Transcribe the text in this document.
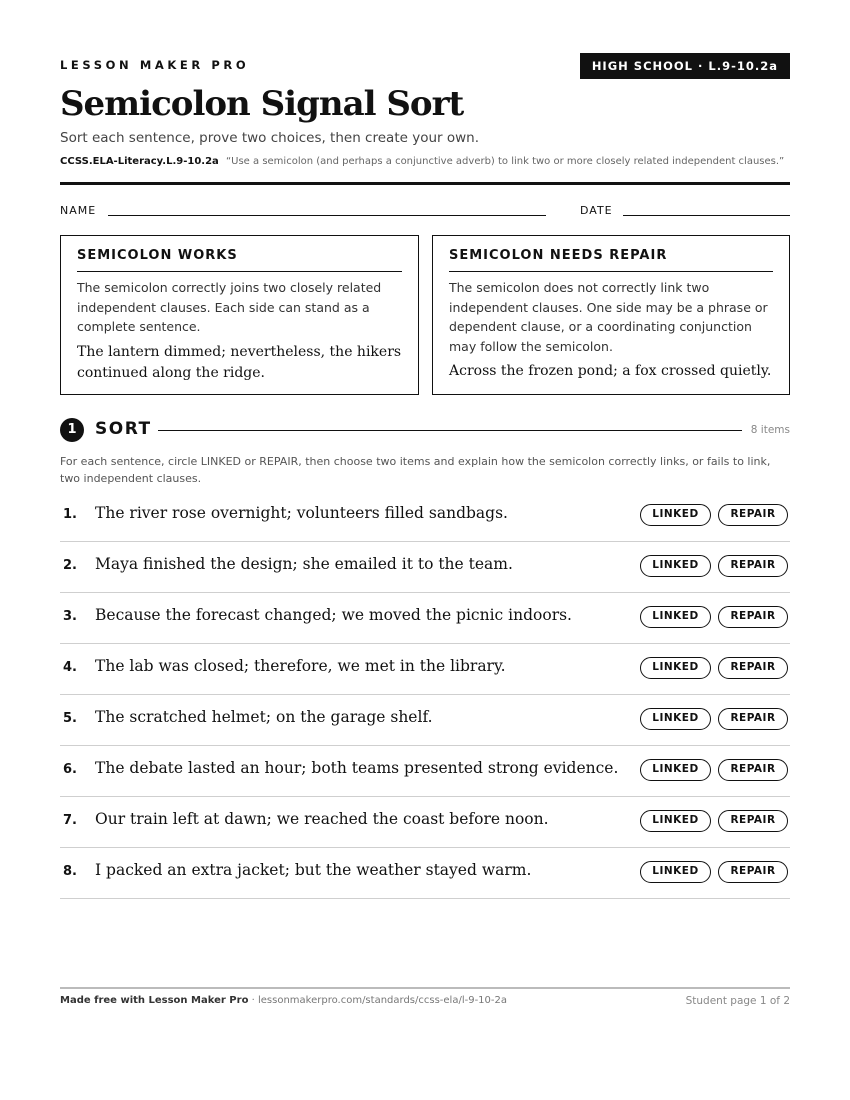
LESSON MAKER PRO	HIGH SCHOOL · L.9-10.2a
Semicolon Signal Sort
Sort each sentence, prove two choices, then create your own.
CCSS.ELA-Literacy.L.9-10.2a “Use a semicolon (and perhaps a conjunctive adverb) to link two or more closely related independent clauses.”
NAME	DATE
SEMICOLON WORKS
The semicolon correctly joins two closely related independent clauses. Each side can stand as a complete sentence.
The lantern dimmed; nevertheless, the hikers continued along the ridge.
SEMICOLON NEEDS REPAIR
The semicolon does not correctly link two independent clauses. One side may be a phrase or dependent clause, or a coordinating conjunction may follow the semicolon.
Across the frozen pond; a fox crossed quietly.
1	SORT	8 items
For each sentence, circle LINKED or REPAIR, then choose two items and explain how the semicolon correctly links, or fails to link, two independent clauses.
1. The river rose overnight; volunteers filled sandbags.	LINKED	REPAIR
2. Maya finished the design; she emailed it to the team.	LINKED	REPAIR
3. Because the forecast changed; we moved the picnic indoors.	LINKED	REPAIR
4. The lab was closed; therefore, we met in the library.	LINKED	REPAIR
5. The scratched helmet; on the garage shelf.	LINKED	REPAIR
6. The debate lasted an hour; both teams presented strong evidence.	LINKED	REPAIR
7. Our train left at dawn; we reached the coast before noon.	LINKED	REPAIR
8. I packed an extra jacket; but the weather stayed warm.	LINKED	REPAIR
Made free with Lesson Maker Pro · lessonmakerpro.com/standards/ccss-ela/l-9-10-2a	Student page 1 of 2
